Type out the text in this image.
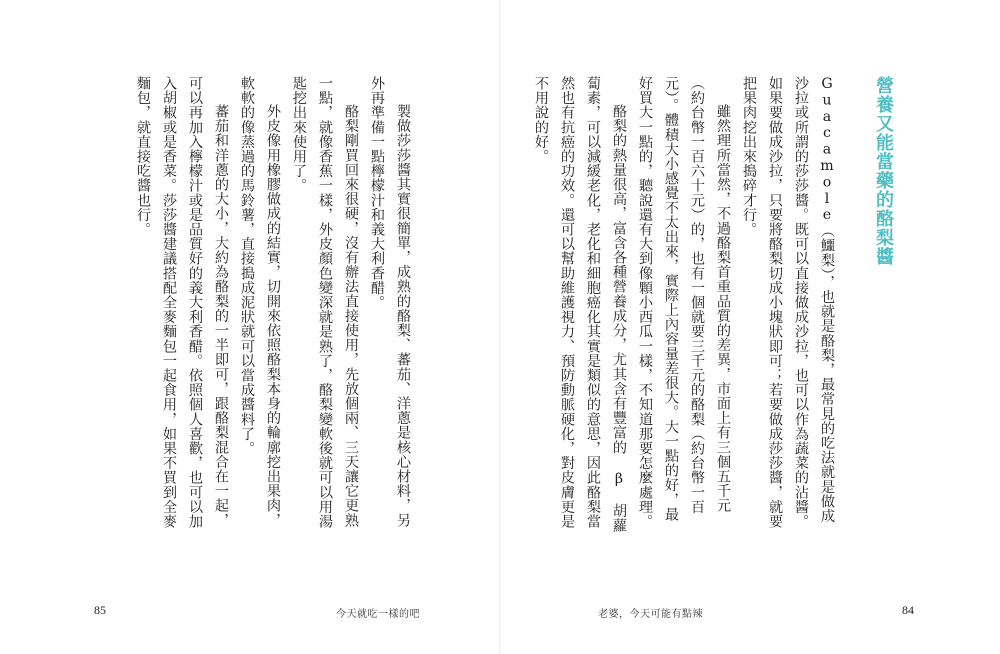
營養又能當藥的酪梨醬

Guacamole（鱷梨），也就是酪梨，最常見的吃法就是做成沙拉或所謂的莎莎醬。既可以直接做成沙拉，也可以作為蔬菜的沾醬。如果要做成沙拉，只要將酪梨切成小塊狀即可；若要做成莎莎醬，就要把果肉挖出來搗碎才行。

雖然理所當然，不過酪梨首重品質的差異，市面上有三個五千元（約台幣一百六十元）的，也有一個就要三千元的酪梨（約台幣一百元）。體積大小感覺不太出來，實際上內容量差很大。大一點的好，最好買大一點的，聽說還有大到像顆小西瓜一樣，不知道那要怎麼處理。

酪梨的熱量很高，富含各種營養成分，尤其含有豐富的 β 胡蘿蔔素，可以減緩老化，老化和細胞癌化其實是類似的意思，因此酪梨當然也有抗癌的功效。還可以幫助維護視力、預防動脈硬化，對皮膚更是不用說的好。

老婆，今天可能有點辣	84

製做莎莎醬其實很簡單，成熟的酪梨、蕃茄、洋蔥是核心材料，另外再準備一點檸檬汁和義大利香醋。

酪梨剛買回來很硬，沒有辦法直接使用，先放個兩、三天讓它更熟一點，就像香蕉一樣，外皮顏色變深就是熟了，酪梨變軟後就可以用湯匙挖出來使用了。

外皮像用橡膠做成的結實，切開來依照酪梨本身的輪廓挖出果肉，軟軟的像蒸過的馬鈴薯，直接搗成泥狀就可以當成醬料了。

蕃茄和洋蔥的大小，大約為酪梨的一半即可，跟酪梨混合在一起，可以再加入檸檬汁或是品質好的義大利香醋。依照個人喜歡，也可以加入胡椒或是香菜。莎莎醬建議搭配全麥麵包一起食用，如果不買到全麥麵包，就直接吃醬也行。

85	今天就吃一樣的吧
